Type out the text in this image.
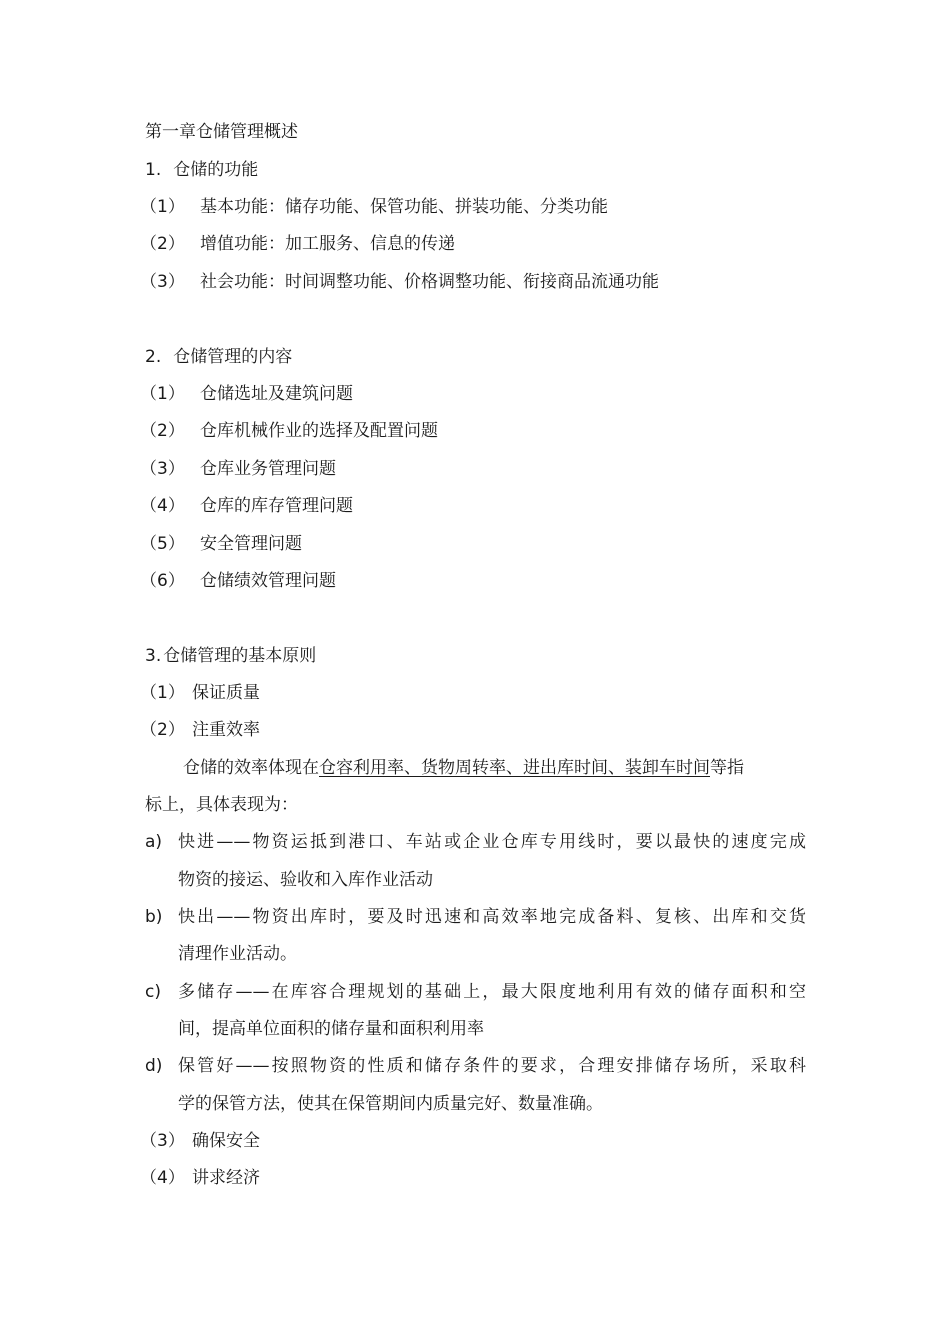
第一章仓储管理概述
1. 仓储的功能
（1） 基本功能：储存功能、保管功能、拼装功能、分类功能
（2） 增值功能：加工服务、信息的传递
（3） 社会功能：时间调整功能、价格调整功能、衔接商品流通功能
2. 仓储管理的内容
（1） 仓储选址及建筑问题
（2） 仓库机械作业的选择及配置问题
（3） 仓库业务管理问题
（4） 仓库的库存管理问题
（5） 安全管理问题
（6） 仓储绩效管理问题
3. 仓储管理的基本原则
（1） 保证质量
（2） 注重效率
仓储的效率体现在仓容利用率、货物周转率、进出库时间、装卸车时间等指
标上，具体表现为：
a) 快进——物资运抵到港口、车站或企业仓库专用线时，要以最快的速度完成
物资的接运、验收和入库作业活动
b) 快出——物资出库时，要及时迅速和高效率地完成备料、复核、出库和交货
清理作业活动。
c) 多储存——在库容合理规划的基础上，最大限度地利用有效的储存面积和空
间，提高单位面积的储存量和面积利用率
d) 保管好——按照物资的性质和储存条件的要求，合理安排储存场所，采取科
学的保管方法，使其在保管期间内质量完好、数量准确。
（3） 确保安全
（4） 讲求经济
